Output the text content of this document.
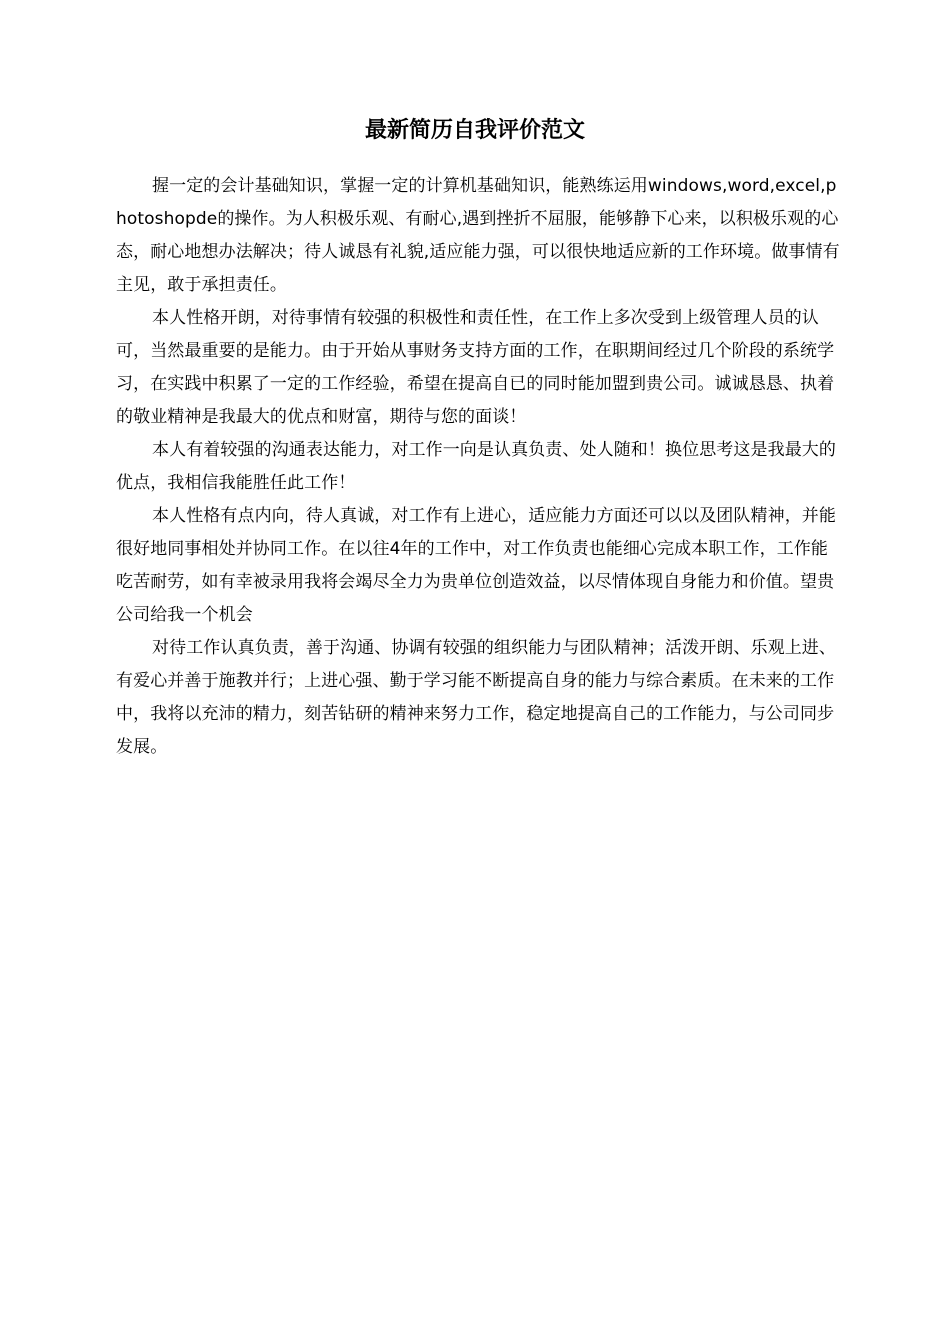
最新简历自我评价范文

握一定的会计基础知识，掌握一定的计算机基础知识，能熟练运用windows,word,excel,photoshopde的操作。为人积极乐观、有耐心,遇到挫折不屈服，能够静下心来，以积极乐观的心态，耐心地想办法解决；待人诚恳有礼貌,适应能力强，可以很快地适应新的工作环境。做事情有主见，敢于承担责任。

本人性格开朗，对待事情有较强的积极性和责任性，在工作上多次受到上级管理人员的认可，当然最重要的是能力。由于开始从事财务支持方面的工作，在职期间经过几个阶段的系统学习，在实践中积累了一定的工作经验，希望在提高自已的同时能加盟到贵公司。诚诚恳恳、执着的敬业精神是我最大的优点和财富，期待与您的面谈！

本人有着较强的沟通表达能力，对工作一向是认真负责、处人随和！换位思考这是我最大的优点，我相信我能胜任此工作！

本人性格有点内向，待人真诚，对工作有上进心，适应能力方面还可以以及团队精神，并能很好地同事相处并协同工作。在以往4年的工作中，对工作负责也能细心完成本职工作，工作能吃苦耐劳，如有幸被录用我将会竭尽全力为贵单位创造效益，以尽情体现自身能力和价值。望贵公司给我一个机会

对待工作认真负责，善于沟通、协调有较强的组织能力与团队精神；活泼开朗、乐观上进、有爱心并善于施教并行；上进心强、勤于学习能不断提高自身的能力与综合素质。在未来的工作中，我将以充沛的精力，刻苦钻研的精神来努力工作，稳定地提高自己的工作能力，与公司同步发展。
